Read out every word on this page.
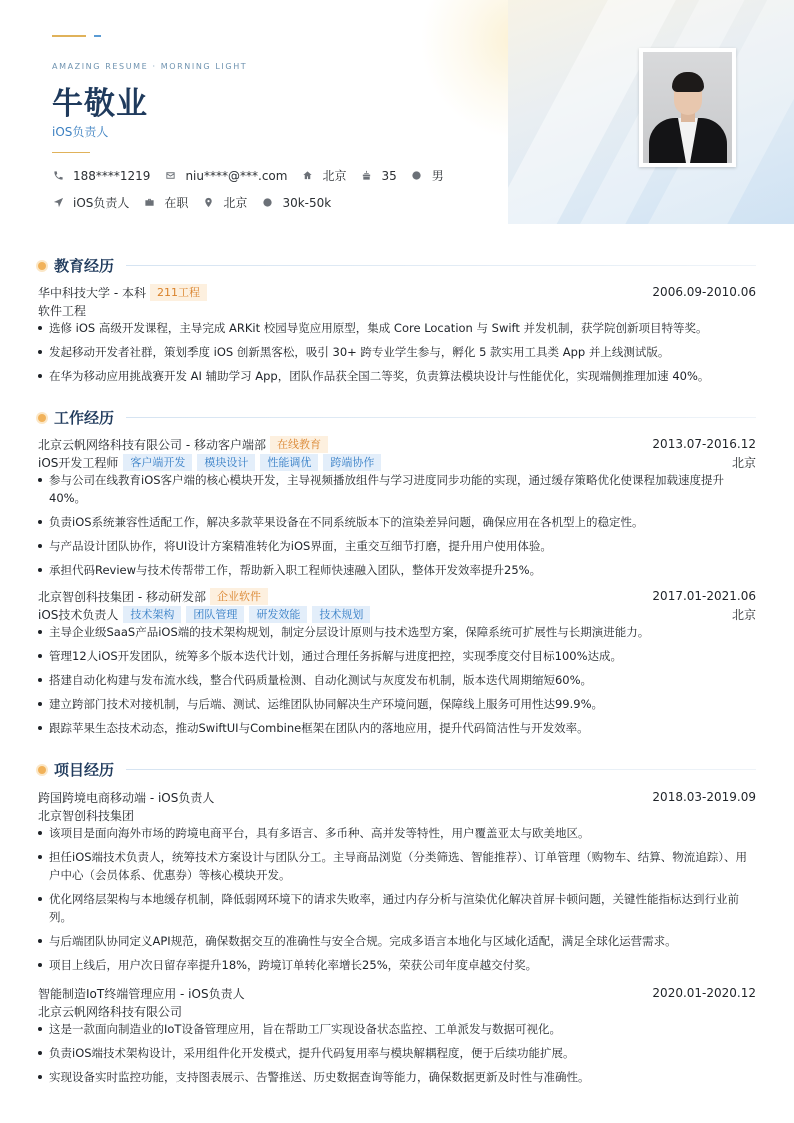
AMAZING RESUME · MORNING LIGHT
牛敬业
iOS负责人
188****1219	niu****@***.com	北京	35	男
iOS负责人	在职	北京	30k-50k
教育经历
华中科技大学 - 本科	211工程	2006.09-2010.06
软件工程
选修 iOS 高级开发课程，主导完成 ARKit 校园导览应用原型，集成 Core Location 与 Swift 并发机制，获学院创新项目特等奖。
发起移动开发者社群，策划季度 iOS 创新黑客松，吸引 30+ 跨专业学生参与，孵化 5 款实用工具类 App 并上线测试版。
在华为移动应用挑战赛开发 AI 辅助学习 App，团队作品获全国二等奖，负责算法模块设计与性能优化，实现端侧推理加速 40%。
工作经历
北京云帆网络科技有限公司 - 移动客户端部	在线教育	2013.07-2016.12
iOS开发工程师	客户端开发	模块设计	性能调优	跨端协作	北京
参与公司在线教育iOS客户端的核心模块开发，主导视频播放组件与学习进度同步功能的实现，通过缓存策略优化使课程加载速度提升40%。
负责iOS系统兼容性适配工作，解决多款苹果设备在不同系统版本下的渲染差异问题，确保应用在各机型上的稳定性。
与产品设计团队协作，将UI设计方案精准转化为iOS界面，主重交互细节打磨，提升用户使用体验。
承担代码Review与技术传帮带工作，帮助新入职工程师快速融入团队，整体开发效率提升25%。
北京智创科技集团 - 移动研发部	企业软件	2017.01-2021.06
iOS技术负责人	技术架构	团队管理	研发效能	技术规划	北京
主导企业级SaaS产品iOS端的技术架构规划，制定分层设计原则与技术选型方案，保障系统可扩展性与长期演进能力。
管理12人iOS开发团队，统筹多个版本迭代计划，通过合理任务拆解与进度把控，实现季度交付目标100%达成。
搭建自动化构建与发布流水线，整合代码质量检测、自动化测试与灰度发布机制，版本迭代周期缩短60%。
建立跨部门技术对接机制，与后端、测试、运维团队协同解决生产环境问题，保障线上服务可用性达99.9%。
跟踪苹果生态技术动态，推动SwiftUI与Combine框架在团队内的落地应用，提升代码简洁性与开发效率。
项目经历
跨国跨境电商移动端 - iOS负责人	2018.03-2019.09
北京智创科技集团
该项目是面向海外市场的跨境电商平台，具有多语言、多币种、高并发等特性，用户覆盖亚太与欧美地区。
担任iOS端技术负责人，统筹技术方案设计与团队分工。主导商品浏览（分类筛选、智能推荐）、订单管理（购物车、结算、物流追踪）、用户中心（会员体系、优惠券）等核心模块开发。
优化网络层架构与本地缓存机制，降低弱网环境下的请求失败率，通过内存分析与渲染优化解决首屏卡顿问题，关键性能指标达到行业前列。
与后端团队协同定义API规范，确保数据交互的准确性与安全合规。完成多语言本地化与区域化适配，满足全球化运营需求。
项目上线后，用户次日留存率提升18%，跨境订单转化率增长25%，荣获公司年度卓越交付奖。
智能制造IoT终端管理应用 - iOS负责人	2020.01-2020.12
北京云帆网络科技有限公司
这是一款面向制造业的IoT设备管理应用，旨在帮助工厂实现设备状态监控、工单派发与数据可视化。
负责iOS端技术架构设计，采用组件化开发模式，提升代码复用率与模块解耦程度，便于后续功能扩展。
实现设备实时监控功能，支持图表展示、告警推送、历史数据查询等能力，确保数据更新及时性与准确性。
